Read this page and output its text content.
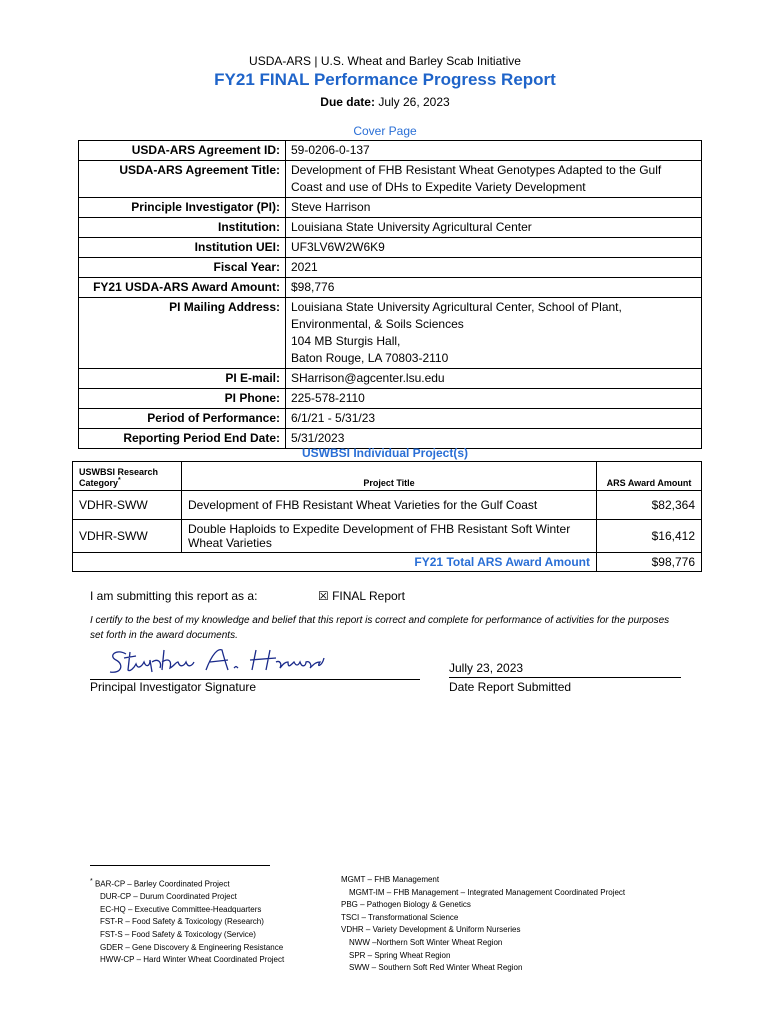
USDA-ARS | U.S. Wheat and Barley Scab Initiative
FY21 FINAL Performance Progress Report
Due date: July 26, 2023
Cover Page
USDA-ARS Agreement ID:	59-0206-0-137

USDA-ARS Agreement Title:	Development of FHB Resistant Wheat Genotypes Adapted to the Gulf
Coast and use of DHs to Expedite Variety Development

Principle Investigator (PI):	Steve Harrison

Institution:	Louisiana State University Agricultural Center

Institution UEI:	UF3LV6W2W6K9

Fiscal Year:	2021

FY21 USDA-ARS Award Amount:	$98,776

PI Mailing Address:	Louisiana State University Agricultural Center, School of Plant,
Environmental, & Soils Sciences
104 MB Sturgis Hall,
Baton Rouge, LA 70803-2110

PI E-mail:	SHarrison@agcenter.lsu.edu

PI Phone:	225-578-2110

Period of Performance:	6/1/21 - 5/31/23

Reporting Period End Date:	5/31/2023
USWBSI Individual Project(s)
USWBSI Research Category*	Project Title	ARS Award Amount
VDHR-SWW	Development of FHB Resistant Wheat Varieties for the Gulf Coast	$82,364
VDHR-SWW	Double Haploids to Expedite Development of FHB Resistant Soft Winter Wheat Varieties	$16,412
	FY21 Total ARS Award Amount	$98,776
I am submitting this report as a:	☒ FINAL Report
I certify to the best of my knowledge and belief that this report is correct and complete for performance of activities for the purposes set forth in the award documents.
Principal Investigator Signature
Jully 23, 2023
Date Report Submitted
* BAR-CP – Barley Coordinated Project
DUR-CP – Durum Coordinated Project
EC-HQ – Executive Committee-Headquarters
FST-R – Food Safety & Toxicology (Research)
FST-S – Food Safety & Toxicology (Service)
GDER – Gene Discovery & Engineering Resistance
HWW-CP – Hard Winter Wheat Coordinated Project
MGMT – FHB Management
MGMT-IM – FHB Management – Integrated Management Coordinated Project
PBG – Pathogen Biology & Genetics
TSCI – Transformational Science
VDHR – Variety Development & Uniform Nurseries
NWW –Northern Soft Winter Wheat Region
SPR – Spring Wheat Region
SWW – Southern Soft Red Winter Wheat Region
